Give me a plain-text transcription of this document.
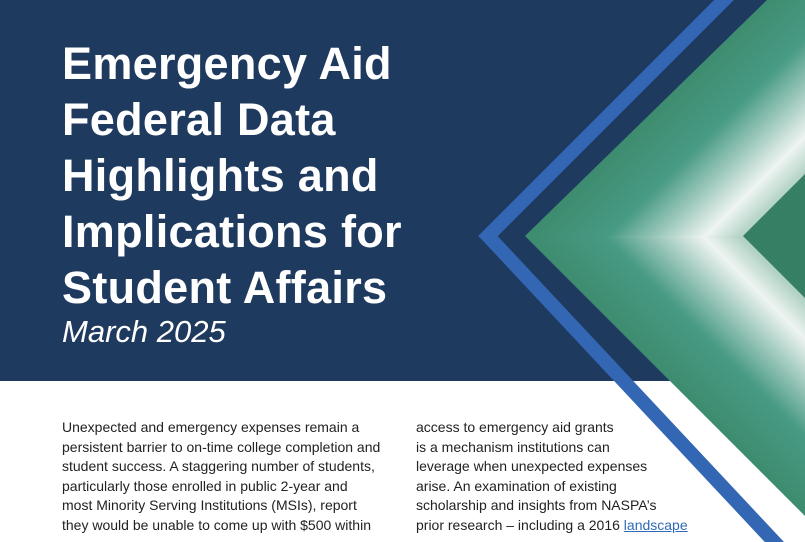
Emergency Aid
Federal Data
Highlights and
Implications for
Student Affairs

March 2025

Unexpected and emergency expenses remain a
persistent barrier to on-time college completion and
student success. A staggering number of students,
particularly those enrolled in public 2-year and
most Minority Serving Institutions (MSIs), report
they would be unable to come up with $500 within

access to emergency aid grants
is a mechanism institutions can
leverage when unexpected expenses
arise. An examination of existing
scholarship and insights from NASPA’s
prior research – including a 2016 landscape
